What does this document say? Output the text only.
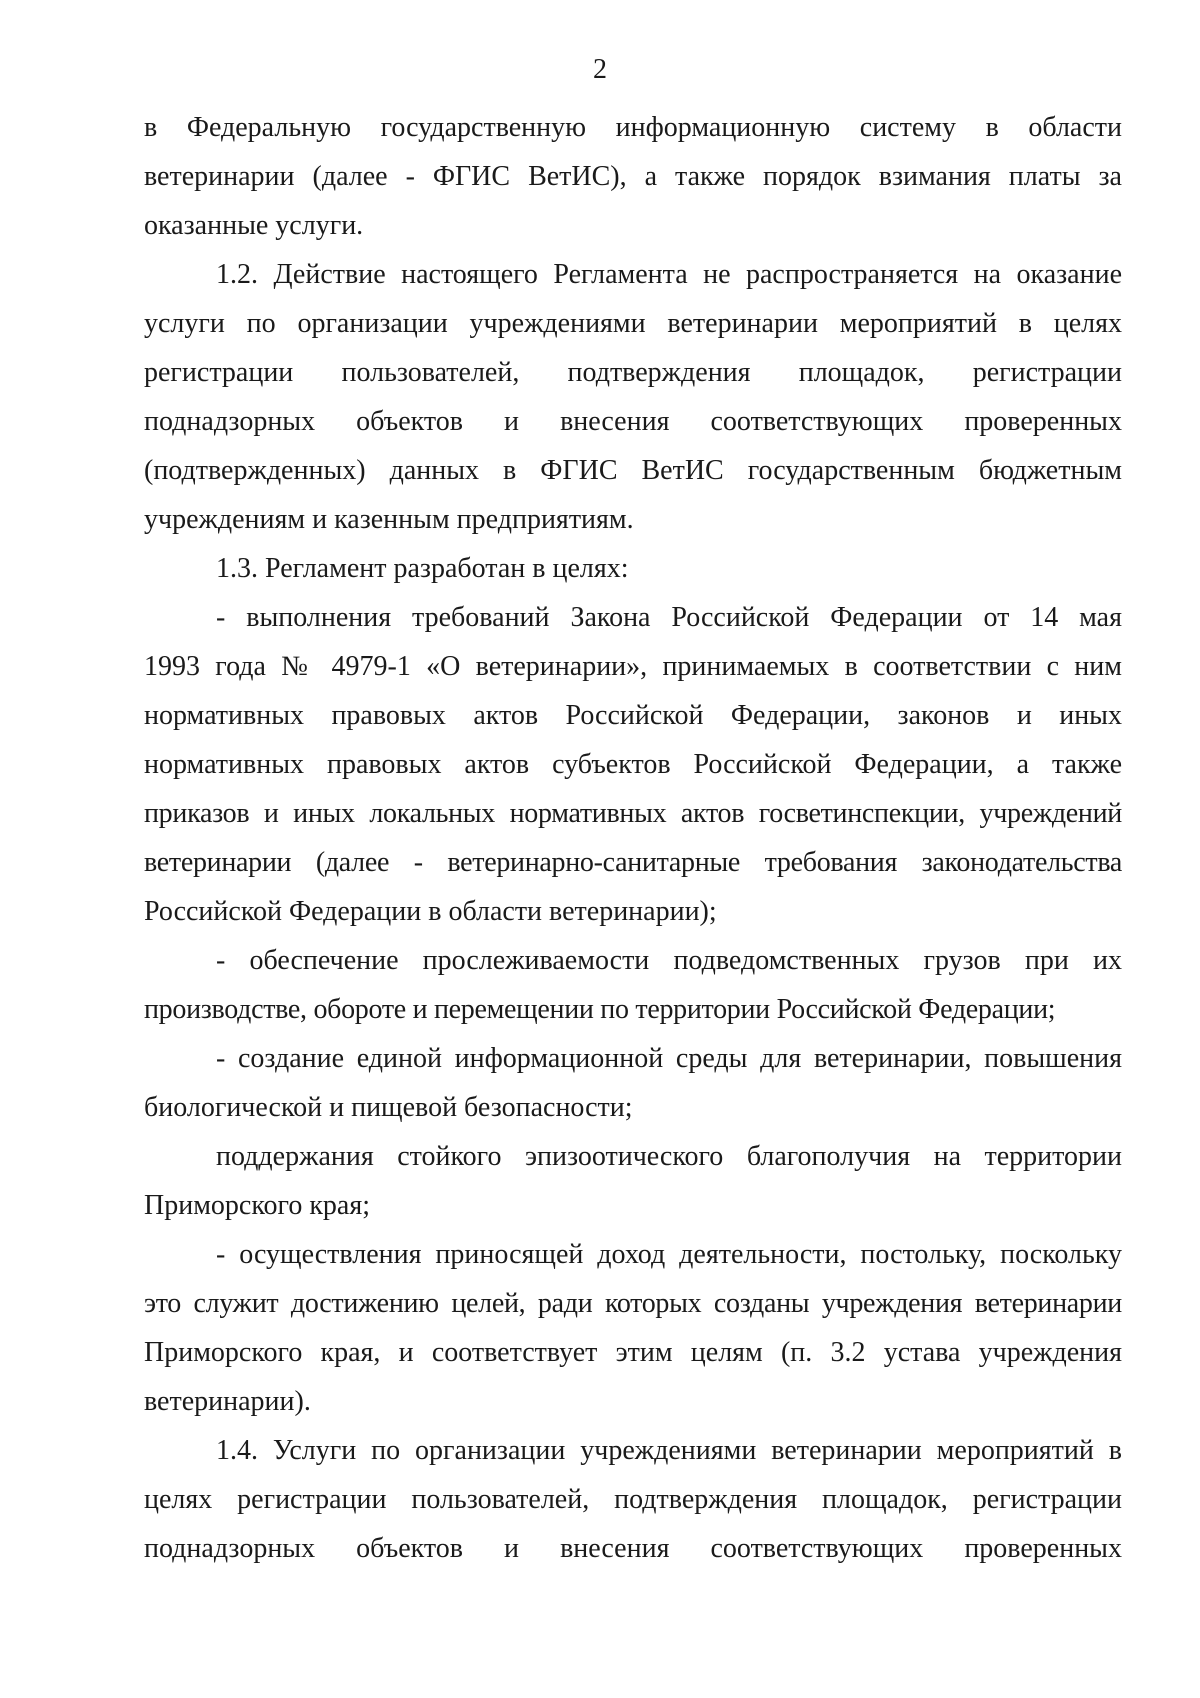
2
в Федеральную государственную информационную систему в области
ветеринарии (далее - ФГИС ВетИС), а также порядок взимания платы за
оказанные услуги.
1.2. Действие настоящего Регламента не распространяется на оказание
услуги по организации учреждениями ветеринарии мероприятий в целях
регистрации пользователей, подтверждения площадок, регистрации
поднадзорных объектов и внесения соответствующих проверенных
(подтвержденных) данных в ФГИС ВетИС государственным бюджетным
учреждениям и казенным предприятиям.
1.3. Регламент разработан в целях:
- выполнения требований Закона Российской Федерации от 14 мая
1993 года № 4979-1 «О ветеринарии», принимаемых в соответствии с ним
нормативных правовых актов Российской Федерации, законов и иных
нормативных правовых актов субъектов Российской Федерации, а также
приказов и иных локальных нормативных актов госветинспекции, учреждений
ветеринарии (далее - ветеринарно-санитарные требования законодательства
Российской Федерации в области ветеринарии);
- обеспечение прослеживаемости подведомственных грузов при их
производстве, обороте и перемещении по территории Российской Федерации;
- создание единой информационной среды для ветеринарии, повышения
биологической и пищевой безопасности;
поддержания стойкого эпизоотического благополучия на территории
Приморского края;
- осуществления приносящей доход деятельности, постольку, поскольку
это служит достижению целей, ради которых созданы учреждения ветеринарии
Приморского края, и соответствует этим целям (п. 3.2 устава учреждения
ветеринарии).
1.4. Услуги по организации учреждениями ветеринарии мероприятий в
целях регистрации пользователей, подтверждения площадок, регистрации
поднадзорных объектов и внесения соответствующих проверенных
